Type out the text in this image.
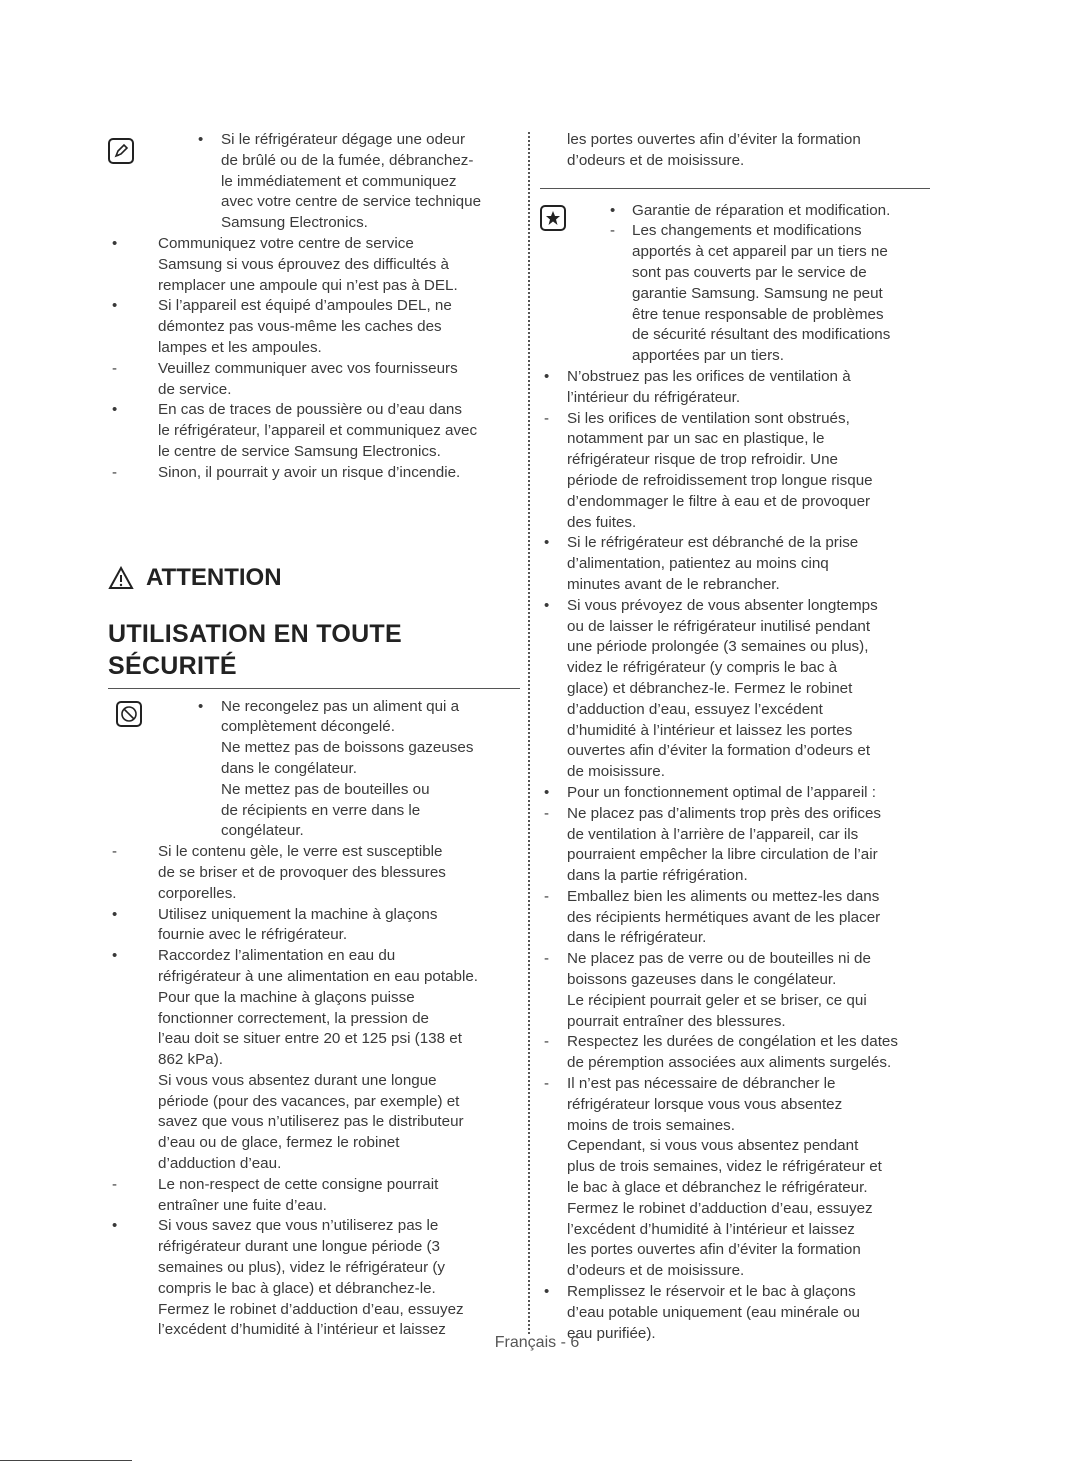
• Si le réfrigérateur dégage une odeur
de brûlé ou de la fumée, débranchez-
le immédiatement et communiquez
avec votre centre de service technique
Samsung Electronics.
•	Communiquez votre centre de service
Samsung si vous éprouvez des difficultés à
remplacer une ampoule qui n’est pas à DEL.
•	Si l’appareil est équipé d’ampoules DEL, ne
démontez pas vous-même les caches des
lampes et les ampoules.
-	Veuillez communiquer avec vos fournisseurs
de service.
•	En cas de traces de poussière ou d’eau dans
le réfrigérateur, l’appareil et communiquez avec
le centre de service Samsung Electronics.
-	Sinon, il pourrait y avoir un risque d’incendie.
ATTENTION
UTILISATION EN TOUTE
SÉCURITÉ
• Ne recongelez pas un aliment qui a
complètement décongelé.
Ne mettez pas de boissons gazeuses
dans le congélateur.
Ne mettez pas de bouteilles ou
de récipients en verre dans le
congélateur.
-	Si le contenu gèle, le verre est susceptible
de se briser et de provoquer des blessures
corporelles.
•	Utilisez uniquement la machine à glaçons
fournie avec le réfrigérateur.
•	Raccordez l’alimentation en eau du
réfrigérateur à une alimentation en eau potable.
Pour que la machine à glaçons puisse
fonctionner correctement, la pression de
l’eau doit se situer entre 20 et 125 psi (138 et
862 kPa).
Si vous vous absentez durant une longue
période (pour des vacances, par exemple) et
savez que vous n’utiliserez pas le distributeur
d’eau ou de glace, fermez le robinet
d’adduction d’eau.
-	Le non-respect de cette consigne pourrait
entraîner une fuite d’eau.
•	Si vous savez que vous n’utiliserez pas le
réfrigérateur durant une longue période (3
semaines ou plus), videz le réfrigérateur (y
compris le bac à glace) et débranchez-le.
Fermez le robinet d’adduction d’eau, essuyez
l’excédent d’humidité à l’intérieur et laissez
les portes ouvertes afin d’éviter la formation
d’odeurs et de moisissure.
• Garantie de réparation et modification.
- Les changements et modifications
apportés à cet appareil par un tiers ne
sont pas couverts par le service de
garantie Samsung. Samsung ne peut
être tenue responsable de problèmes
de sécurité résultant des modifications
apportées par un tiers.
• N’obstruez pas les orifices de ventilation à
l’intérieur du réfrigérateur.
- Si les orifices de ventilation sont obstrués,
notamment par un sac en plastique, le
réfrigérateur risque de trop refroidir. Une
période de refroidissement trop longue risque
d’endommager le filtre à eau et de provoquer
des fuites.
• Si le réfrigérateur est débranché de la prise
d’alimentation, patientez au moins cinq
minutes avant de le rebrancher.
• Si vous prévoyez de vous absenter longtemps
ou de laisser le réfrigérateur inutilisé pendant
une période prolongée (3 semaines ou plus),
videz le réfrigérateur (y compris le bac à
glace) et débranchez-le. Fermez le robinet
d’adduction d’eau, essuyez l’excédent
d’humidité à l’intérieur et laissez les portes
ouvertes afin d’éviter la formation d’odeurs et
de moisissure.
• Pour un fonctionnement optimal de l’appareil :
- Ne placez pas d’aliments trop près des orifices
de ventilation à l’arrière de l’appareil, car ils
pourraient empêcher la libre circulation de l’air
dans la partie réfrigération.
- Emballez bien les aliments ou mettez-les dans
des récipients hermétiques avant de les placer
dans le réfrigérateur.
- Ne placez pas de verre ou de bouteilles ni de
boissons gazeuses dans le congélateur.
Le récipient pourrait geler et se briser, ce qui
pourrait entraîner des blessures.
- Respectez les durées de congélation et les dates
de péremption associées aux aliments surgelés.
- Il n’est pas nécessaire de débrancher le
réfrigérateur lorsque vous vous absentez
moins de trois semaines.
Cependant, si vous vous absentez pendant
plus de trois semaines, videz le réfrigérateur et
le bac à glace et débranchez le réfrigérateur.
Fermez le robinet d’adduction d’eau, essuyez
l’excédent d’humidité à l’intérieur et laissez
les portes ouvertes afin d’éviter la formation
d’odeurs et de moisissure.
• Remplissez le réservoir et le bac à glaçons
d’eau potable uniquement (eau minérale ou
eau purifiée).
Français - 6
